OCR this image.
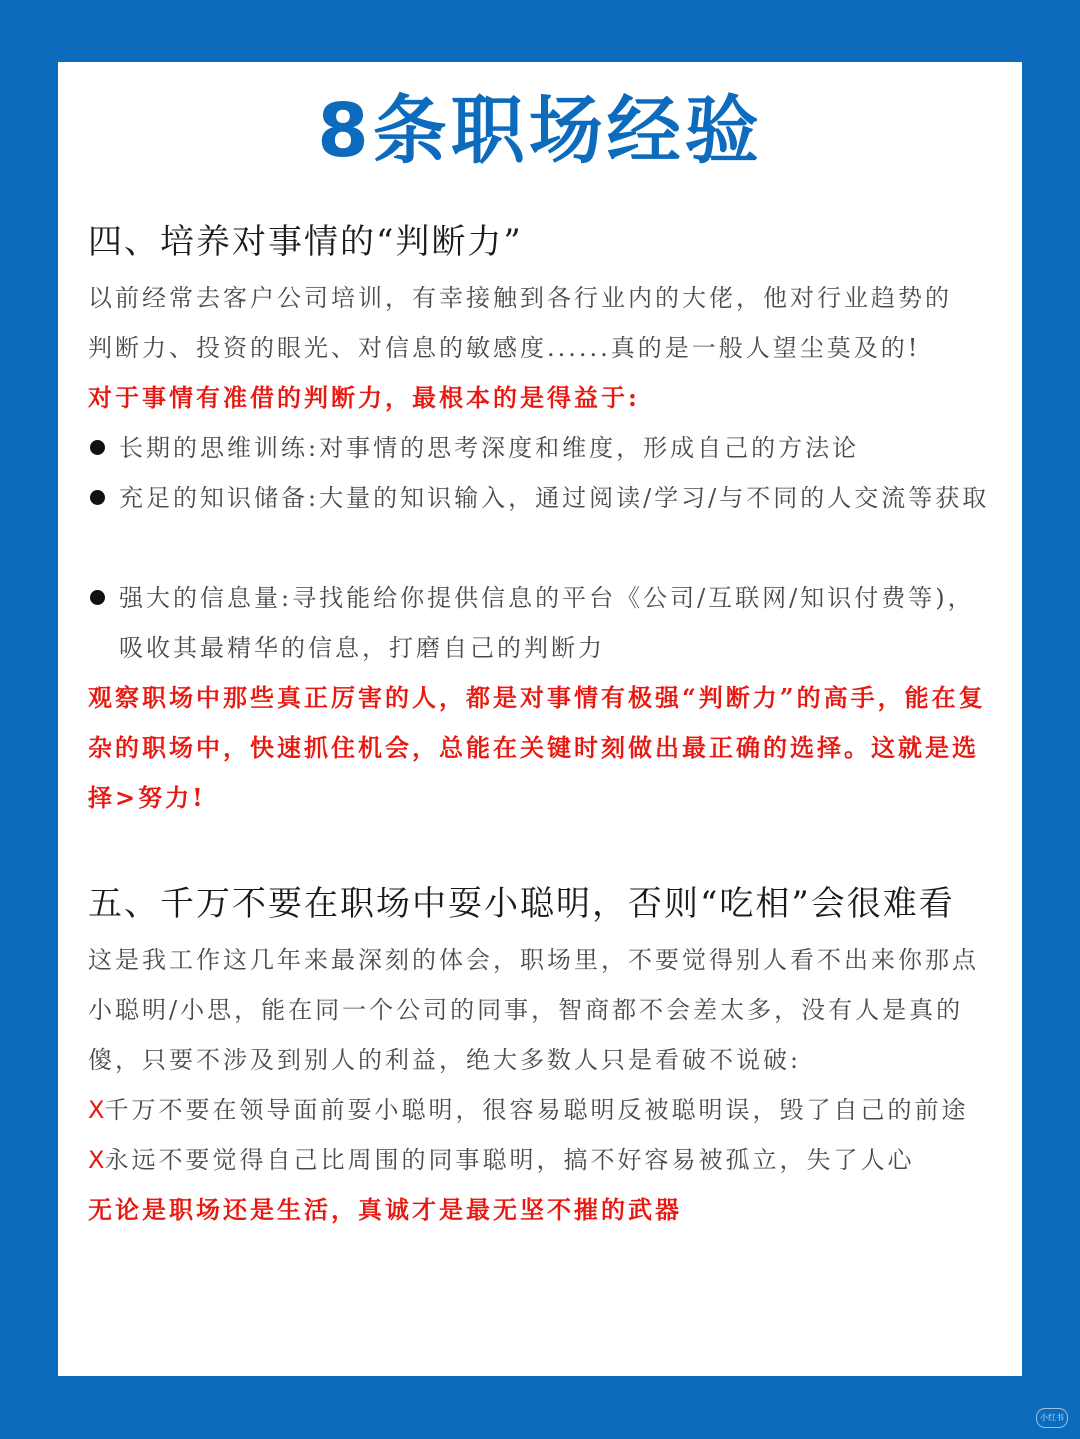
8条职场经验
四、培养对事情的“判断力”
以前经常去客户公司培训，有幸接触到各行业内的大佬，他对行业趋势的
判断力、投资的眼光、对信息的敏感度......真的是一般人望尘莫及的!
对于事情有准借的判断力，最根本的是得益于:
长期的思维训练:对事情的思考深度和维度，形成自己的方法论
充足的知识储备:大量的知识输入，通过阅读/学习/与不同的人交流等获取
强大的信息量:寻找能给你提供信息的平台《公司/互联网/知识付费等)，吸收其最精华的信息，打磨自己的判断力
观察职场中那些真正厉害的人，都是对事情有极强“判断力”的高手，能在复杂的职场中，快速抓住机会，总能在关键时刻做出最正确的选择。这就是选择>努力!
五、千万不要在职场中耍小聪明，否则“吃相”会很难看
这是我工作这几年来最深刻的体会，职场里，不要觉得别人看不出来你那点小聪明/小思，能在同一个公司的同事，智商都不会差太多，没有人是真的傻，只要不涉及到别人的利益，绝大多数人只是看破不说破:
X千万不要在领导面前耍小聪明，很容易聪明反被聪明误，毁了自己的前途
X永远不要觉得自己比周围的同事聪明，搞不好容易被孤立，失了人心
无论是职场还是生活，真诚才是最无坚不摧的武器
小红书
